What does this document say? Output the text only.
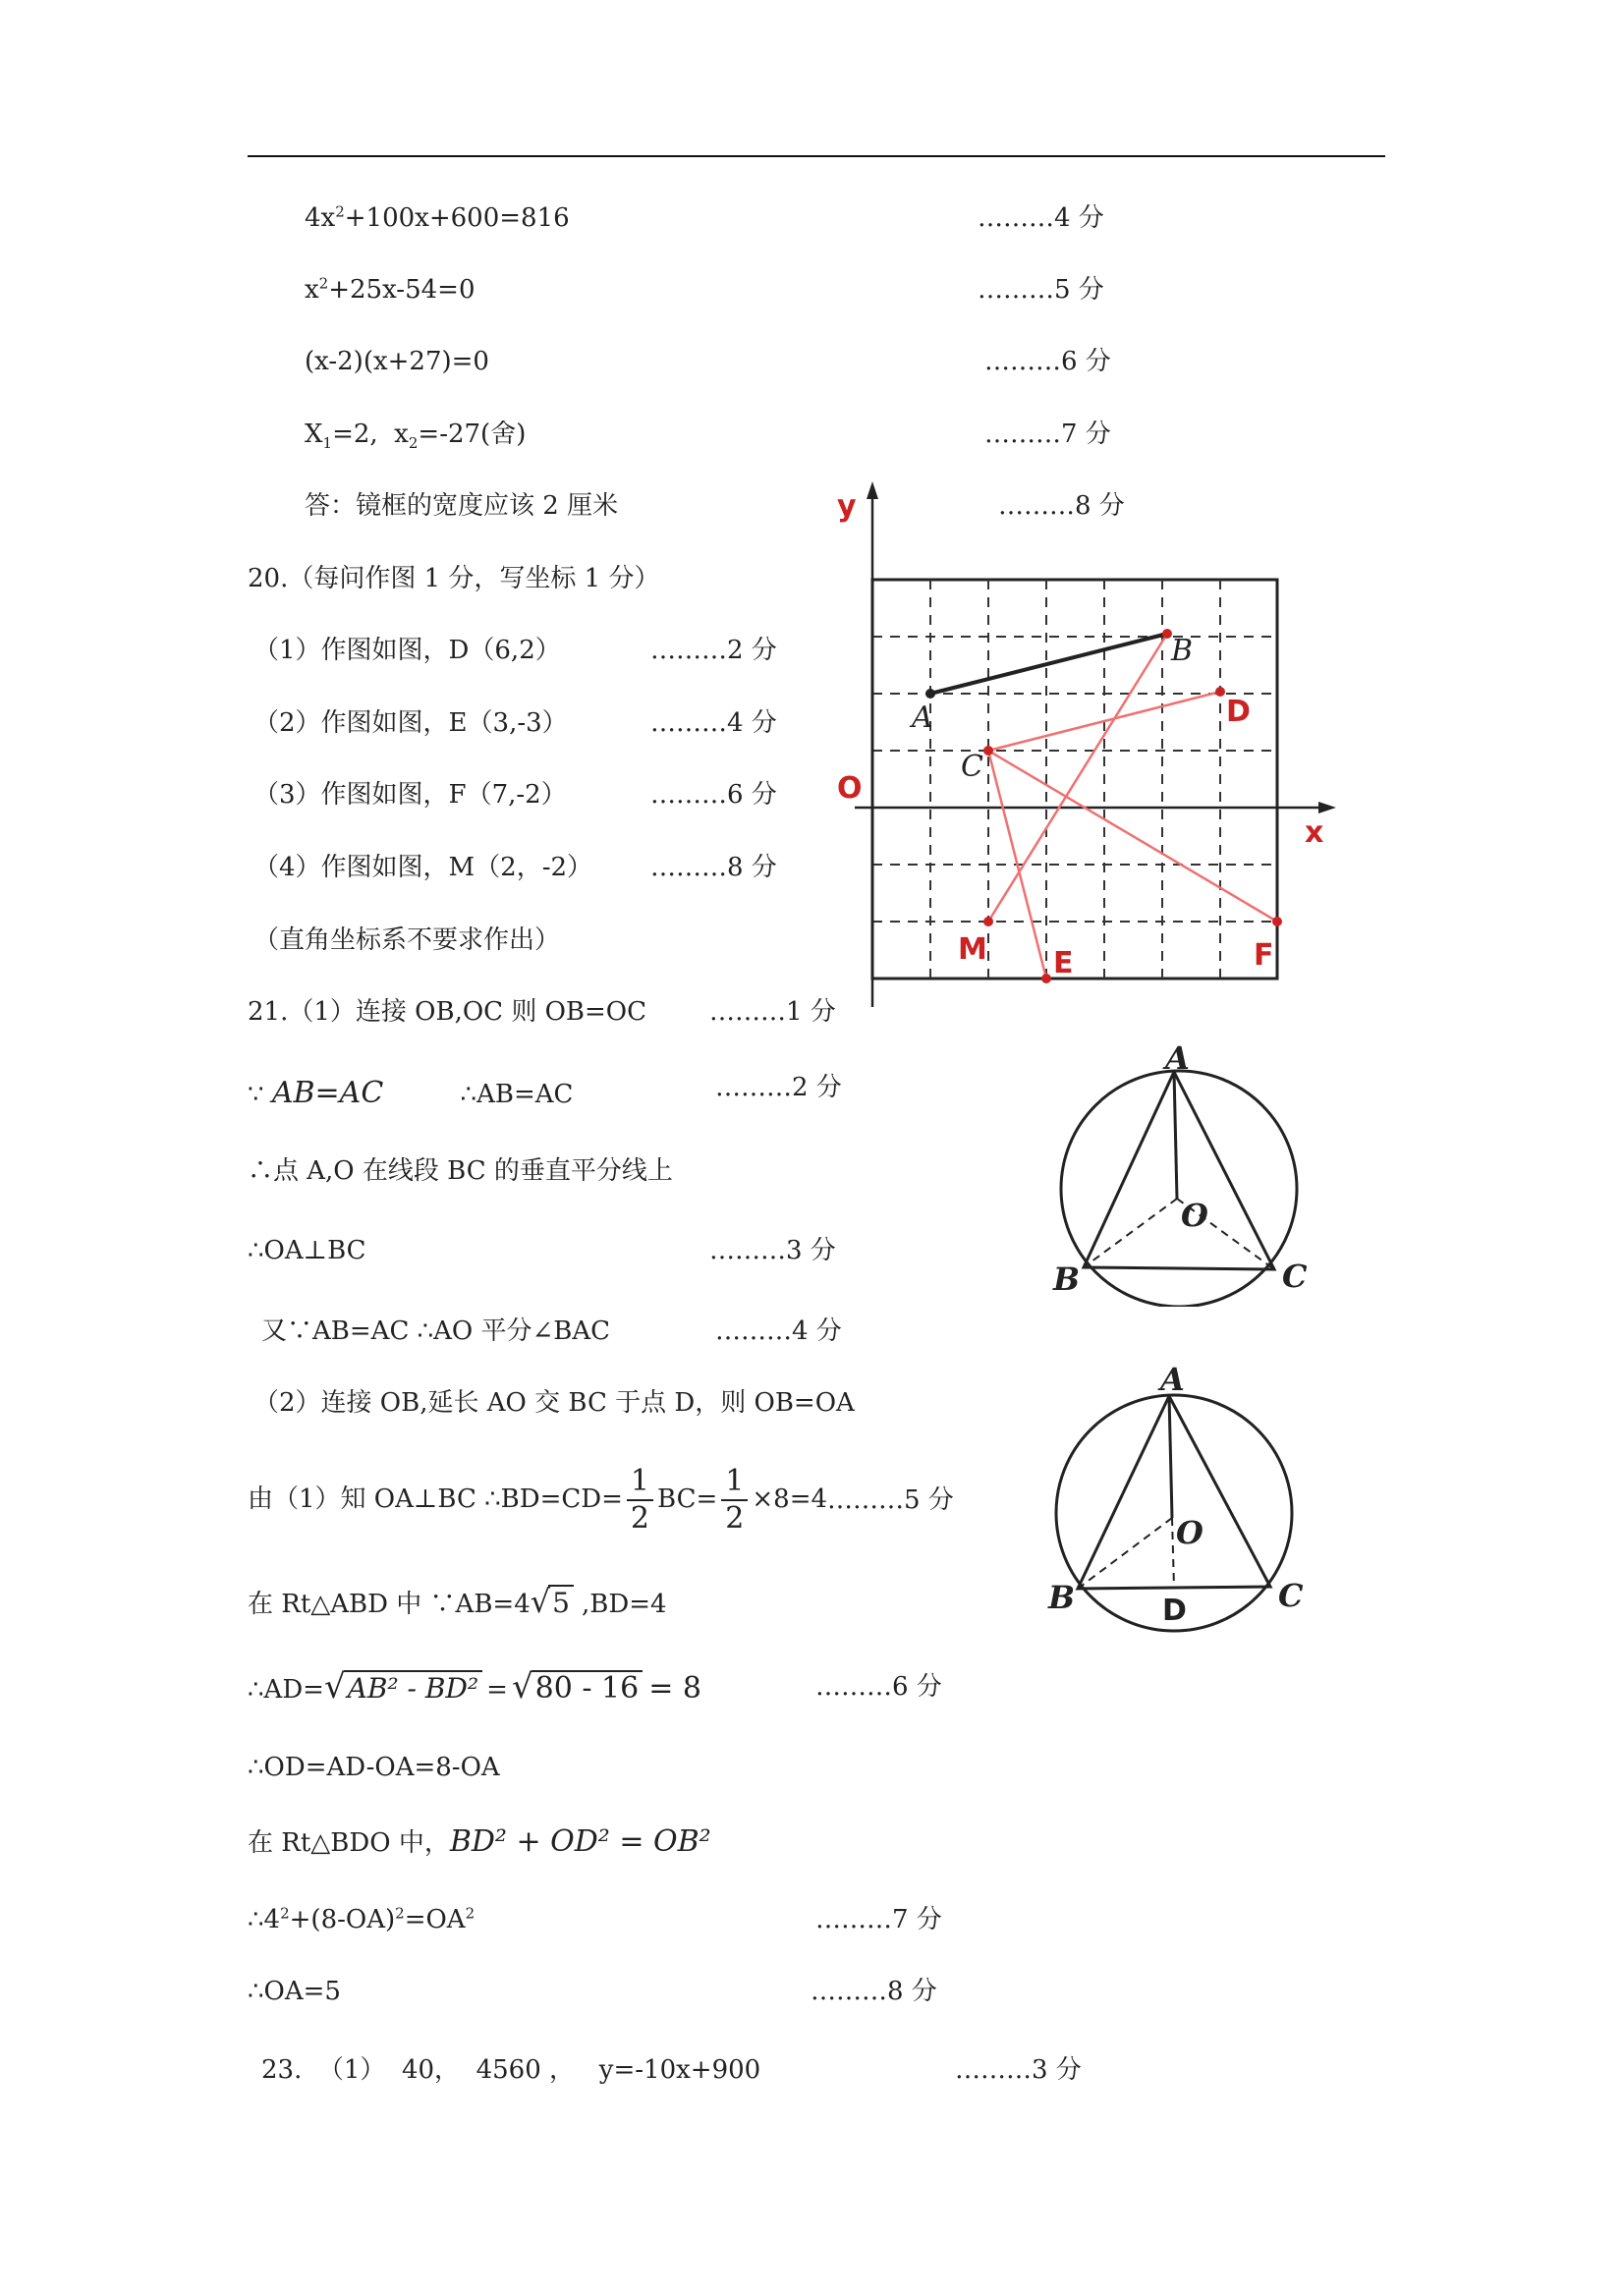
$4x^2+100x+600=816$	………4 分
$x^2+25x-54=0$	………5 分
(x-2)(x+27)=0	………6 分
$X_1=2$,  $x_2=-27$(舍)	………7 分
答：镜框的宽度应该 2 厘米	………8 分
20.（每问作图 1 分，写坐标 1 分）
（1）作图如图，D（6,2）	………2 分
（2）作图如图，E（3,-3）	………4 分
（3）作图如图，F（7,-2）	………6 分
（4）作图如图，M（2，-2） ………8 分
（直角坐标系不要求作出）
y
x
O
A
B
C
D
E	F
M
21.（1）连接 OB,OC 则 OB=OC ………1 分
∵ AB=AC	∴AB=AC	………2 分
∴点 A,O 在线段 BC 的垂直平分线上
∴OA⊥BC	………3 分
又∵AB=AC ∴AO 平分∠BAC	………4 分
（2）连接 OB,延长 AO 交 BC 于点 D，则 OB=OA
由（1）知 OA⊥BC ∴BD=CD= $\frac{1}{2} BC= \frac{1}{2} \times 8=4$ ………5 分
在 Rt△ABD 中 ∵AB=4√5 ,BD=4
∴AD=√AB² - BD² = √80 - 16 = 8	………6 分
∴OD=AD-OA=8-OA
在 Rt△BDO 中，BD² + OD² = OB²
$\therefore 4^2+(8-OA)^2=OA^2$	………7 分
∴OA=5	………8 分
A
B	C
O
A
B	C
O
D
23.  （1）  40，  4560 ，   y=-10x+900	………3 分
